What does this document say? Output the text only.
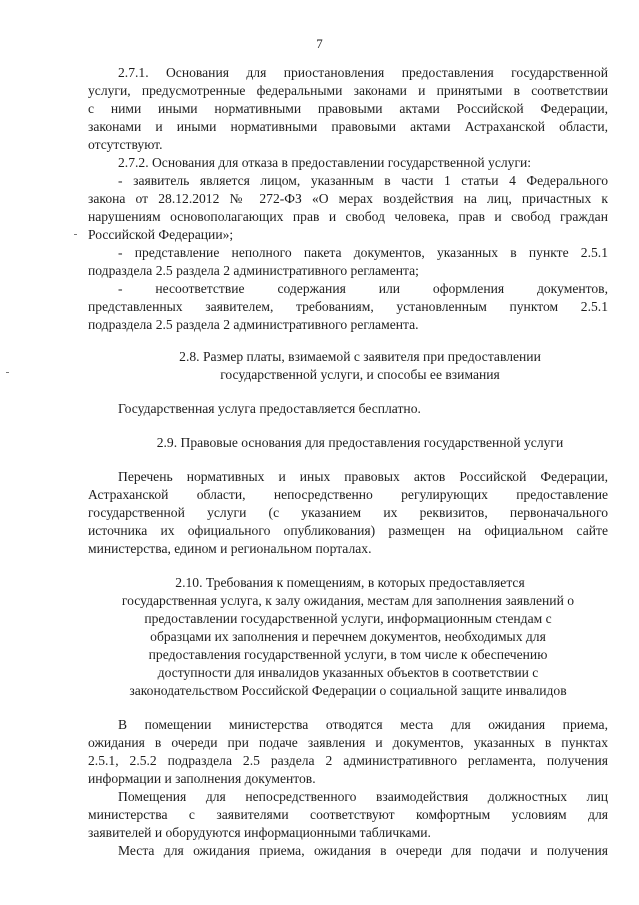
7
2.7.1. Основания для приостановления предоставления государственной
услуги, предусмотренные федеральными законами и принятыми в соответствии
с ними иными нормативными правовыми актами Российской Федерации,
законами и иными нормативными правовыми актами Астраханской области,
отсутствуют.
2.7.2. Основания для отказа в предоставлении государственной услуги:
- заявитель является лицом, указанным в части 1 статьи 4 Федерального
закона от 28.12.2012 № 272-ФЗ «О мерах воздействия на лиц, причастных к
нарушениям основополагающих прав и свобод человека, прав и свобод граждан
Российской Федерации»;
- представление неполного пакета документов, указанных в пункте 2.5.1
подраздела 2.5 раздела 2 административного регламента;
-      несоответствие      содержания      или      оформления      документов,
представленных заявителем, требованиям, установленным пунктом 2.5.1
подраздела 2.5 раздела 2 административного регламента.
2.8. Размер платы, взимаемой с заявителя при предоставлении
государственной услуги, и способы ее взимания
Государственная услуга предоставляется бесплатно.
2.9. Правовые основания для предоставления государственной услуги
Перечень нормативных и иных правовых актов Российской Федерации,
Астраханской области, непосредственно регулирующих предоставление
государственной услуги (с указанием их реквизитов, первоначального
источника их официального опубликования) размещен на официальном сайте
министерства, едином и региональном порталах.
2.10. Требования к помещениям, в которых предоставляется
государственная услуга, к залу ожидания, местам для заполнения заявлений о
предоставлении государственной услуги, информационным стендам с
образцами их заполнения и перечнем документов, необходимых для
предоставления государственной услуги, в том числе к обеспечению
доступности для инвалидов указанных объектов в соответствии с
законодательством Российской Федерации о социальной защите инвалидов
В помещении министерства отводятся места для ожидания приема,
ожидания в очереди при подаче заявления и документов, указанных в пунктах
2.5.1, 2.5.2 подраздела 2.5 раздела 2 административного регламента, получения
информации и заполнения документов.
Помещения для непосредственного взаимодействия должностных лиц
министерства с заявителями соответствуют комфортным условиям для
заявителей и оборудуются информационными табличками.
Места для ожидания приема, ожидания в очереди для подачи и получения
